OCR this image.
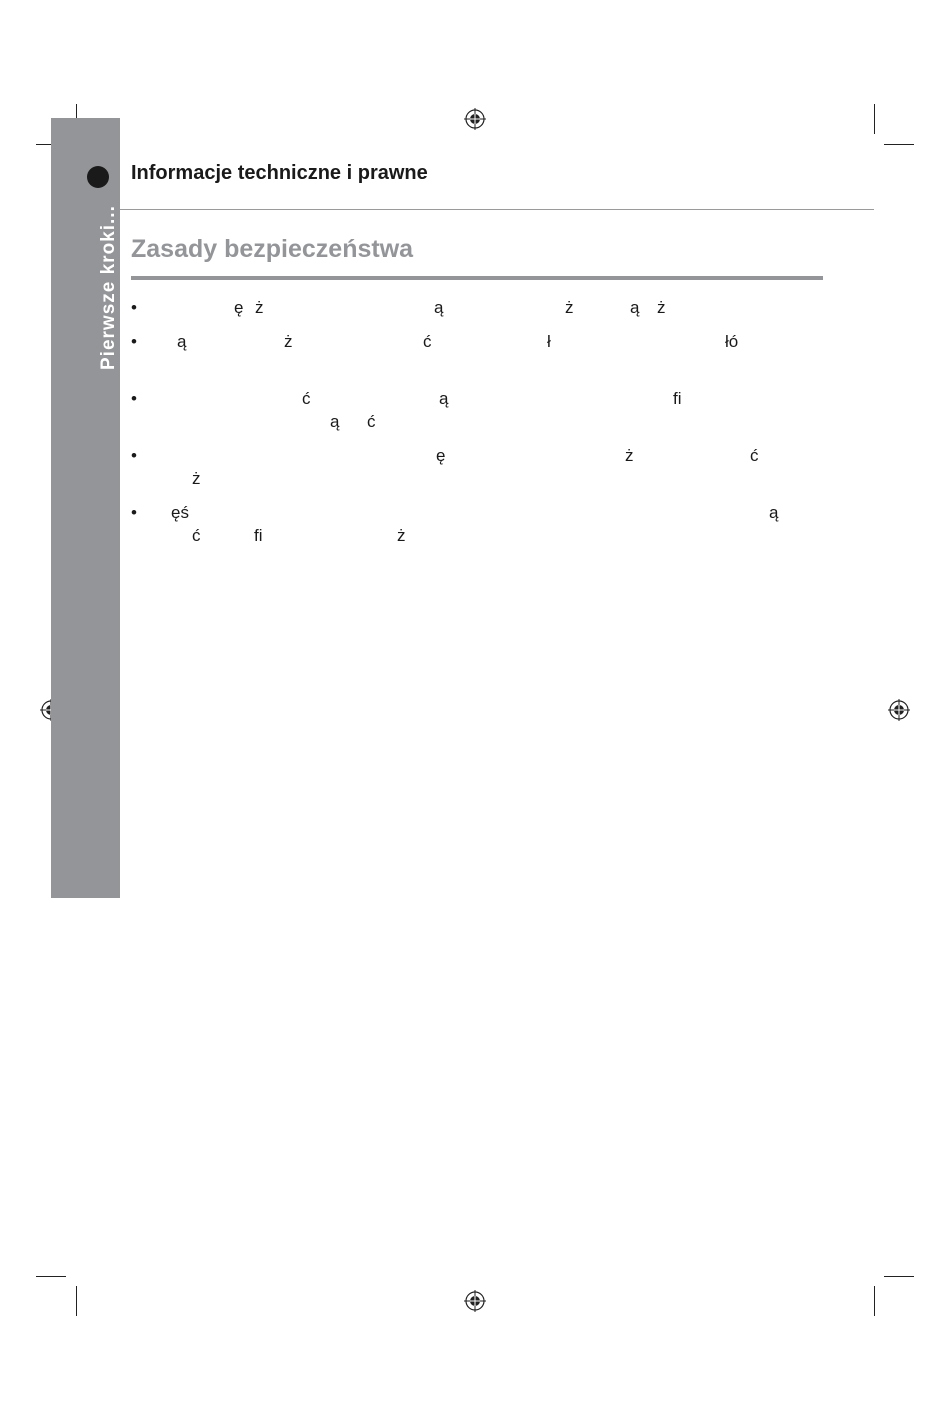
Pierwsze kroki...
Informacje techniczne i prawne
Zasady bezpieczeństwa
•	ę ż	ą	ż	ą ż
• ą	ż	ć	ł	łó
•	ć	ą	fi
ą ć
•	ę	ż	ć
ż
• ęś	ą
ć	fi	ż
